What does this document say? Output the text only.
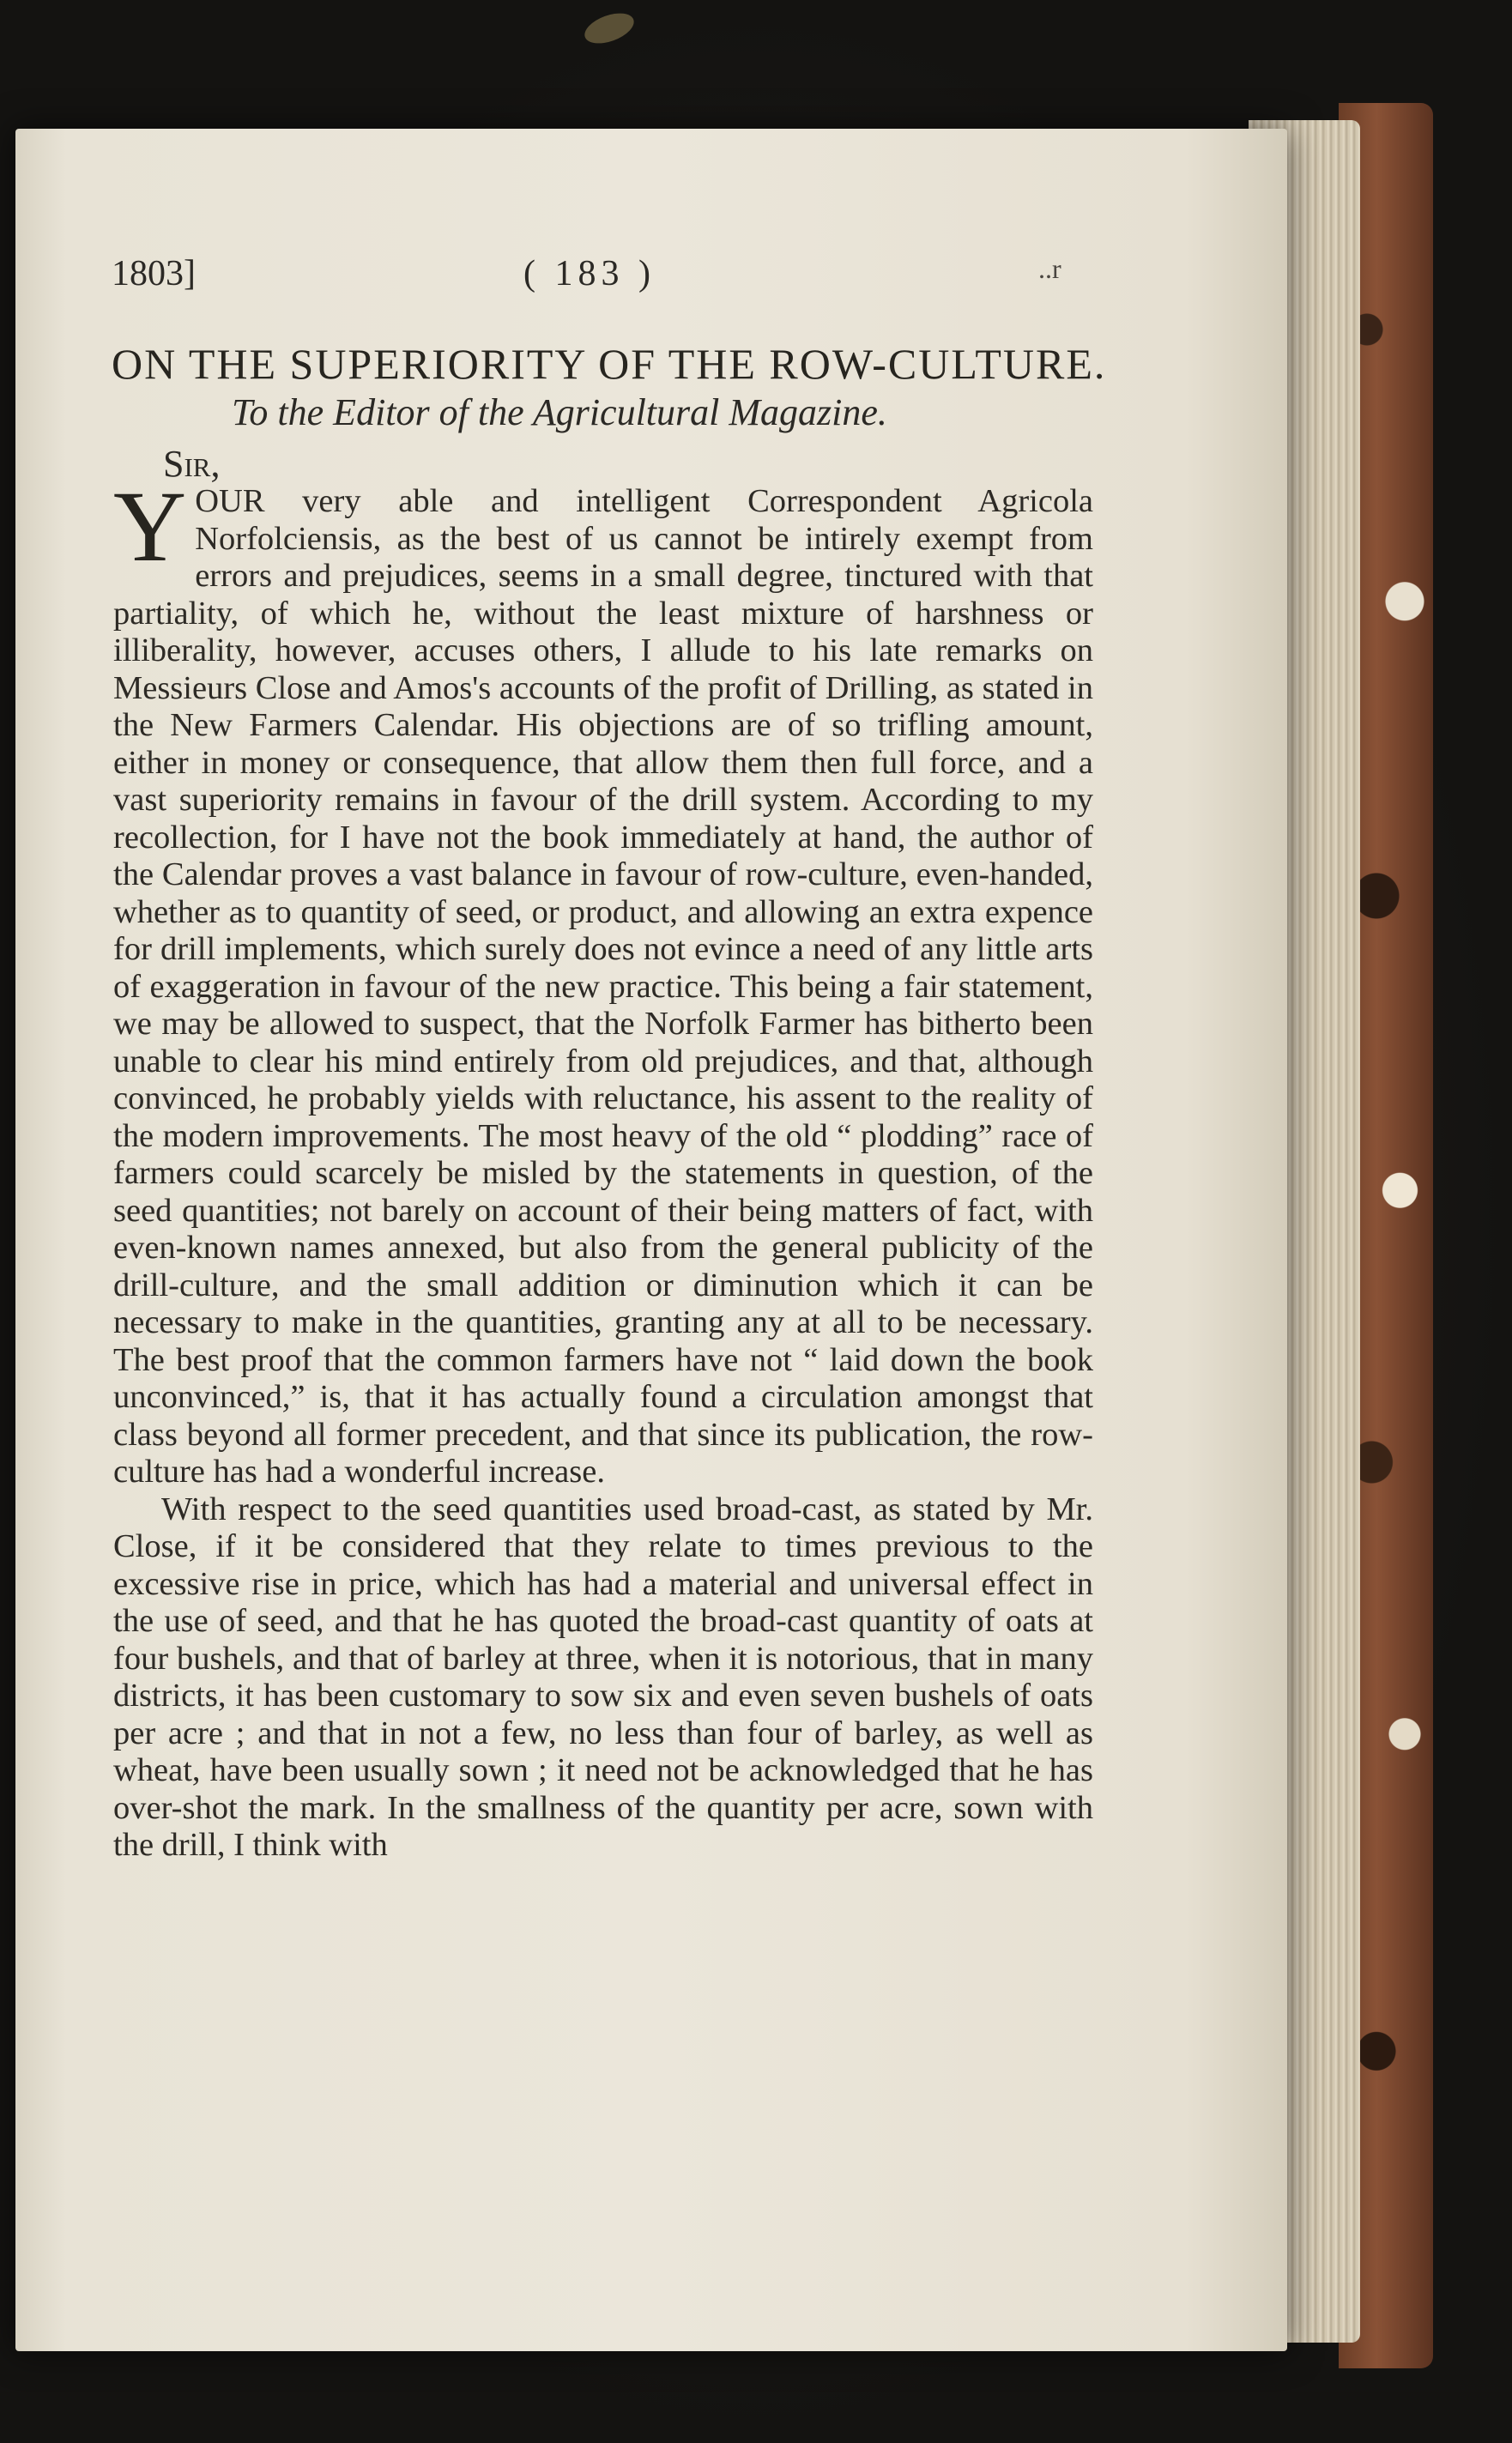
1803]	( 183 )	..r
ON THE SUPERIORITY OF THE ROW-CULTURE.
To the Editor of the Agricultural Magazine.
Sir,

YOUR very able and intelligent Correspondent Agricola Norfolciensis, as the best of us cannot be intirely exempt from errors and prejudices, seems in a small degree, tinctured with that partiality, of which he, without the least mixture of harshness or illiberality, however, accuses others, I allude to his late remarks on Messieurs Close and Amos's accounts of the profit of Drilling, as stated in the New Farmers Calendar. His objections are of so trifling amount, either in money or consequence, that allow them then full force, and a vast superiority remains in favour of the drill system. According to my recollection, for I have not the book immediately at hand, the author of the Calendar proves a vast balance in favour of row-culture, even-handed, whether as to quantity of seed, or product, and allowing an extra expence for drill implements, which surely does not evince a need of any little arts of exaggeration in favour of the new practice. This being a fair statement, we may be allowed to suspect, that the Norfolk Farmer has bitherto been unable to clear his mind entirely from old prejudices, and that, although convinced, he probably yields with reluctance, his assent to the reality of the modern improvements. The most heavy of the old “ plodding” race of farmers could scarcely be misled by the statements in question, of the seed quantities; not barely on account of their being matters of fact, with even-known names annexed, but also from the general publicity of the drill-culture, and the small addition or diminution which it can be necessary to make in the quantities, granting any at all to be necessary. The best proof that the common farmers have not “ laid down the book unconvinced,” is, that it has actually found a circulation amongst that class beyond all former precedent, and that since its publication, the row-culture has had a wonderful increase.

With respect to the seed quantities used broad-cast, as stated by Mr. Close, if it be considered that they relate to times previous to the excessive rise in price, which has had a material and universal effect in the use of seed, and that he has quoted the broad-cast quantity of oats at four bushels, and that of barley at three, when it is notorious, that in many districts, it has been customary to sow six and even seven bushels of oats per acre ; and that in not a few, no less than four of barley, as well as wheat, have been usually sown ; it need not be acknowledged that he has over-shot the mark. In the smallness of the quantity per acre, sown with the drill, I think with
